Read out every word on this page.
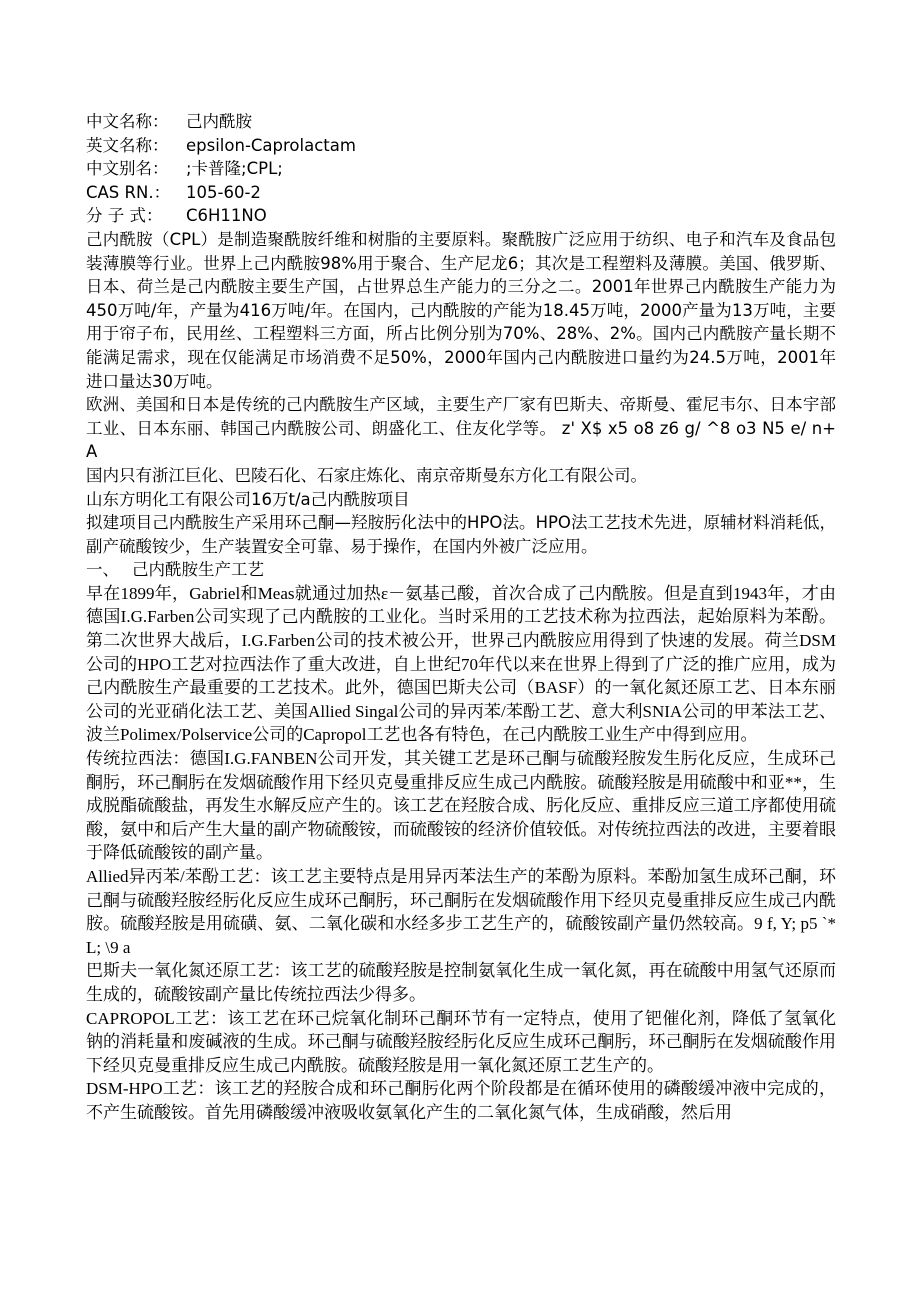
中文名称：	己内酰胺
英文名称：	epsilon-Caprolactam
中文别名：	;卡普隆;CPL;
CAS RN.： 105-60-2
分 子 式：	C6H11NO

己内酰胺（CPL）是制造聚酰胺纤维和树脂的主要原料。聚酰胺广泛应用于纺织、电子和汽车及食品包装薄膜等行业。世界上己内酰胺98%用于聚合、生产尼龙6；其次是工程塑料及薄膜。美国、俄罗斯、日本、荷兰是己内酰胺主要生产国，占世界总生产能力的三分之二。2001年世界己内酰胺生产能力为450万吨/年，产量为416万吨/年。在国内，己内酰胺的产能为18.45万吨，2000产量为13万吨，主要用于帘子布，民用丝、工程塑料三方面，所占比例分别为70%、28%、2%。国内己内酰胺产量长期不能满足需求，现在仅能满足市场消费不足50%，2000年国内己内酰胺进口量约为24.5万吨，2001年进口量达30万吨。

欧洲、美国和日本是传统的己内酰胺生产区域，主要生产厂家有巴斯夫、帝斯曼、霍尼韦尔、日本宇部工业、日本东丽、韩国己内酰胺公司、朗盛化工、住友化学等。 z' X$ x5 o8 z6 g/ ^8 o3 N5 e/ n+ A

国内只有浙江巨化、巴陵石化、石家庄炼化、南京帝斯曼东方化工有限公司。

山东方明化工有限公司16万t/a己内酰胺项目

拟建项目己内酰胺生产采用环己酮—羟胺肟化法中的HPO法。HPO法工艺技术先进，原辅材料消耗低，副产硫酸铵少，生产装置安全可靠、易于操作，在国内外被广泛应用。

一、 己内酰胺生产工艺

早在1899年，Gabriel和Meas就通过加热ε－氨基己酸，首次合成了己内酰胺。但是直到1943年，才由德国I.G.Farben公司实现了己内酰胺的工业化。当时采用的工艺技术称为拉西法，起始原料为苯酚。第二次世界大战后，I.G.Farben公司的技术被公开，世界己内酰胺应用得到了快速的发展。荷兰DSM公司的HPO工艺对拉西法作了重大改进，自上世纪70年代以来在世界上得到了广泛的推广应用，成为己内酰胺生产最重要的工艺技术。此外，德国巴斯夫公司（BASF）的一氧化氮还原工艺、日本东丽公司的光亚硝化法工艺、美国Allied Singal公司的异丙苯/苯酚工艺、意大利SNIA公司的甲苯法工艺、波兰Polimex/Polservice公司的Capropol工艺也各有特色，在己内酰胺工业生产中得到应用。

传统拉西法：德国I.G.FANBEN公司开发，其关键工艺是环己酮与硫酸羟胺发生肟化反应，生成环己酮肟，环己酮肟在发烟硫酸作用下经贝克曼重排反应生成己内酰胺。硫酸羟胺是用硫酸中和亚**，生成脱酯硫酸盐，再发生水解反应产生的。该工艺在羟胺合成、肟化反应、重排反应三道工序都使用硫酸，氨中和后产生大量的副产物硫酸铵，而硫酸铵的经济价值较低。对传统拉西法的改进，主要着眼于降低硫酸铵的副产量。

Allied异丙苯/苯酚工艺：该工艺主要特点是用异丙苯法生产的苯酚为原料。苯酚加氢生成环己酮，环己酮与硫酸羟胺经肟化反应生成环己酮肟，环己酮肟在发烟硫酸作用下经贝克曼重排反应生成己内酰胺。硫酸羟胺是用硫磺、氨、二氧化碳和水经多步工艺生产的，硫酸铵副产量仍然较高。9 f, Y; p5 `* L; \9 a

巴斯夫一氧化氮还原工艺：该工艺的硫酸羟胺是控制氨氧化生成一氧化氮，再在硫酸中用氢气还原而生成的，硫酸铵副产量比传统拉西法少得多。

CAPROPOL工艺：该工艺在环己烷氧化制环己酮环节有一定特点，使用了钯催化剂，降低了氢氧化钠的消耗量和废碱液的生成。环己酮与硫酸羟胺经肟化反应生成环己酮肟，环己酮肟在发烟硫酸作用下经贝克曼重排反应生成己内酰胺。硫酸羟胺是用一氧化氮还原工艺生产的。

DSM-HPO工艺：该工艺的羟胺合成和环己酮肟化两个阶段都是在循环使用的磷酸缓冲液中完成的，不产生硫酸铵。首先用磷酸缓冲液吸收氨氧化产生的二氧化氮气体，生成硝酸，然后用
